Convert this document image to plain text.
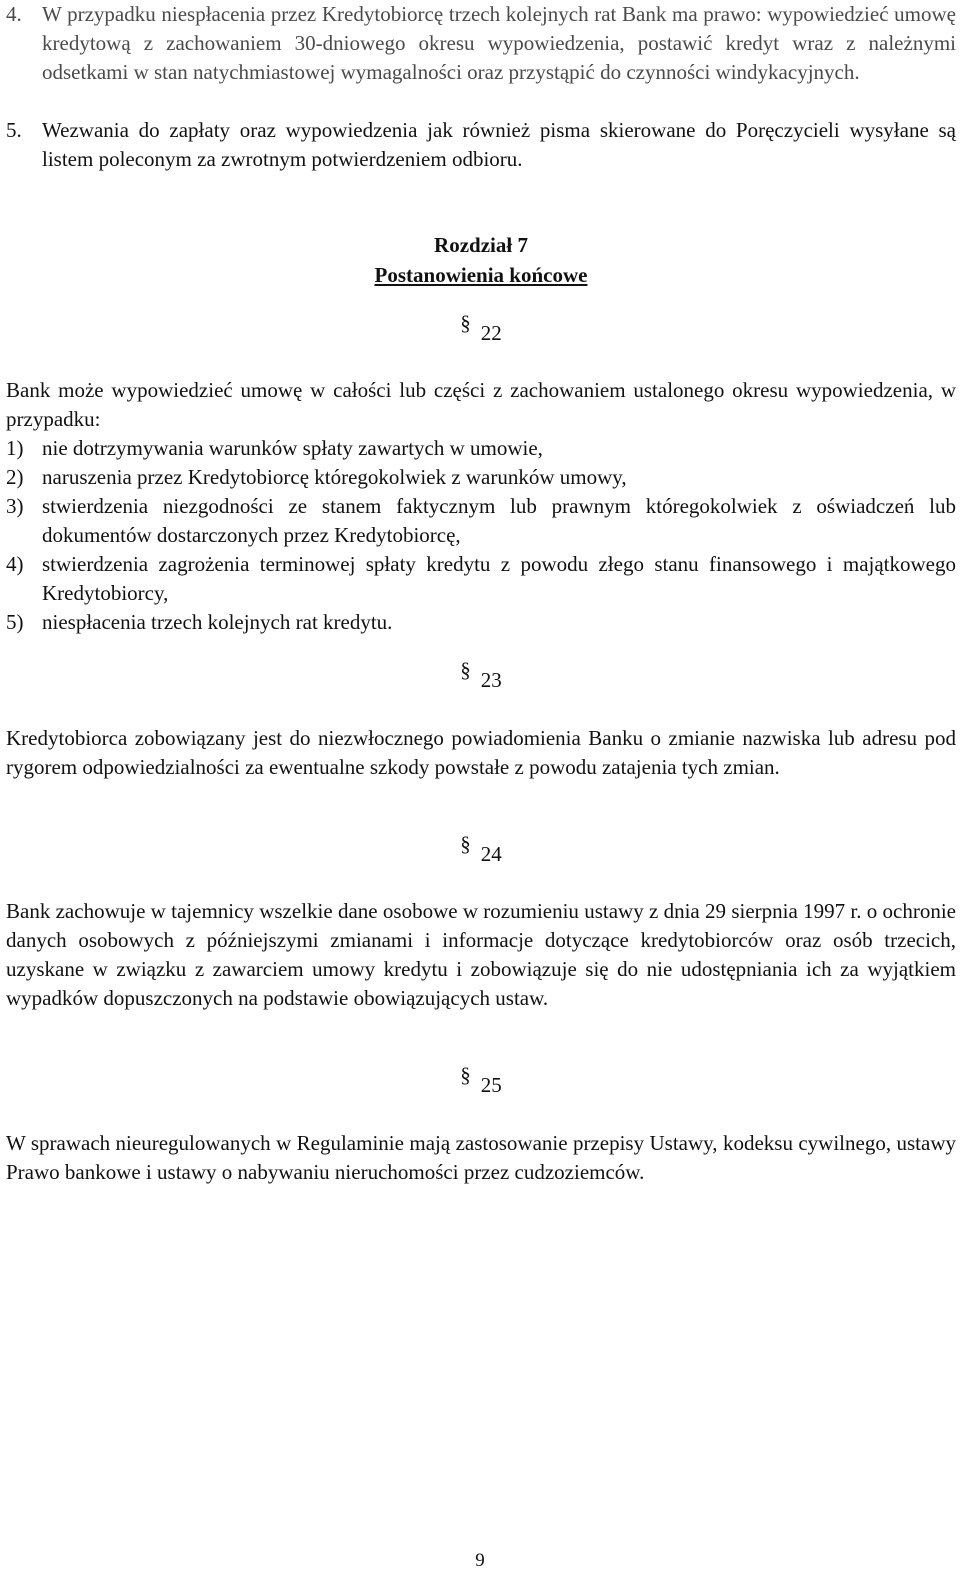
4. W przypadku niespłacenia przez Kredytobiorcę trzech kolejnych rat Bank ma prawo: wypowiedzieć umowę kredytową z zachowaniem 30-dniowego okresu wypowiedzenia, postawić kredyt wraz z należnymi odsetkami w stan natychmiastowej wymagalności oraz przystąpić do czynności windykacyjnych.
5. Wezwania do zapłaty oraz wypowiedzenia jak również pisma skierowane do Poręczycieli wysyłane są listem poleconym za zwrotnym potwierdzeniem odbioru.
Rozdział 7
Postanowienia końcowe
§ 22
Bank może wypowiedzieć umowę w całości lub części z zachowaniem ustalonego okresu wypowiedzenia, w przypadku:
1) nie dotrzymywania warunków spłaty zawartych w umowie,
2) naruszenia przez Kredytobiorcę któregokolwiek z warunków umowy,
3) stwierdzenia niezgodności ze stanem faktycznym lub prawnym któregokolwiek z oświadczeń lub dokumentów dostarczonych przez Kredytobiorcę,
4) stwierdzenia zagrożenia terminowej spłaty kredytu z powodu złego stanu finansowego i majątkowego Kredytobiorcy,
5) niespłacenia trzech kolejnych rat kredytu.
§ 23
Kredytobiorca zobowiązany jest do niezwłocznego powiadomienia Banku o zmianie nazwiska lub adresu pod rygorem odpowiedzialności za ewentualne szkody powstałe z powodu zatajenia tych zmian.
§ 24
Bank zachowuje w tajemnicy wszelkie dane osobowe w rozumieniu ustawy z dnia 29 sierpnia 1997 r. o ochronie danych osobowych z późniejszymi zmianami i informacje dotyczące kredytobiorców oraz osób trzecich, uzyskane w związku z zawarciem umowy kredytu i zobowiązuje się do nie udostępniania ich za wyjątkiem wypadków dopuszczonych na podstawie obowiązujących ustaw.
§ 25
W sprawach nieuregulowanych w Regulaminie mają zastosowanie przepisy Ustawy, kodeksu cywilnego, ustawy Prawo bankowe i ustawy o nabywaniu nieruchomości przez cudzoziemców.
9
